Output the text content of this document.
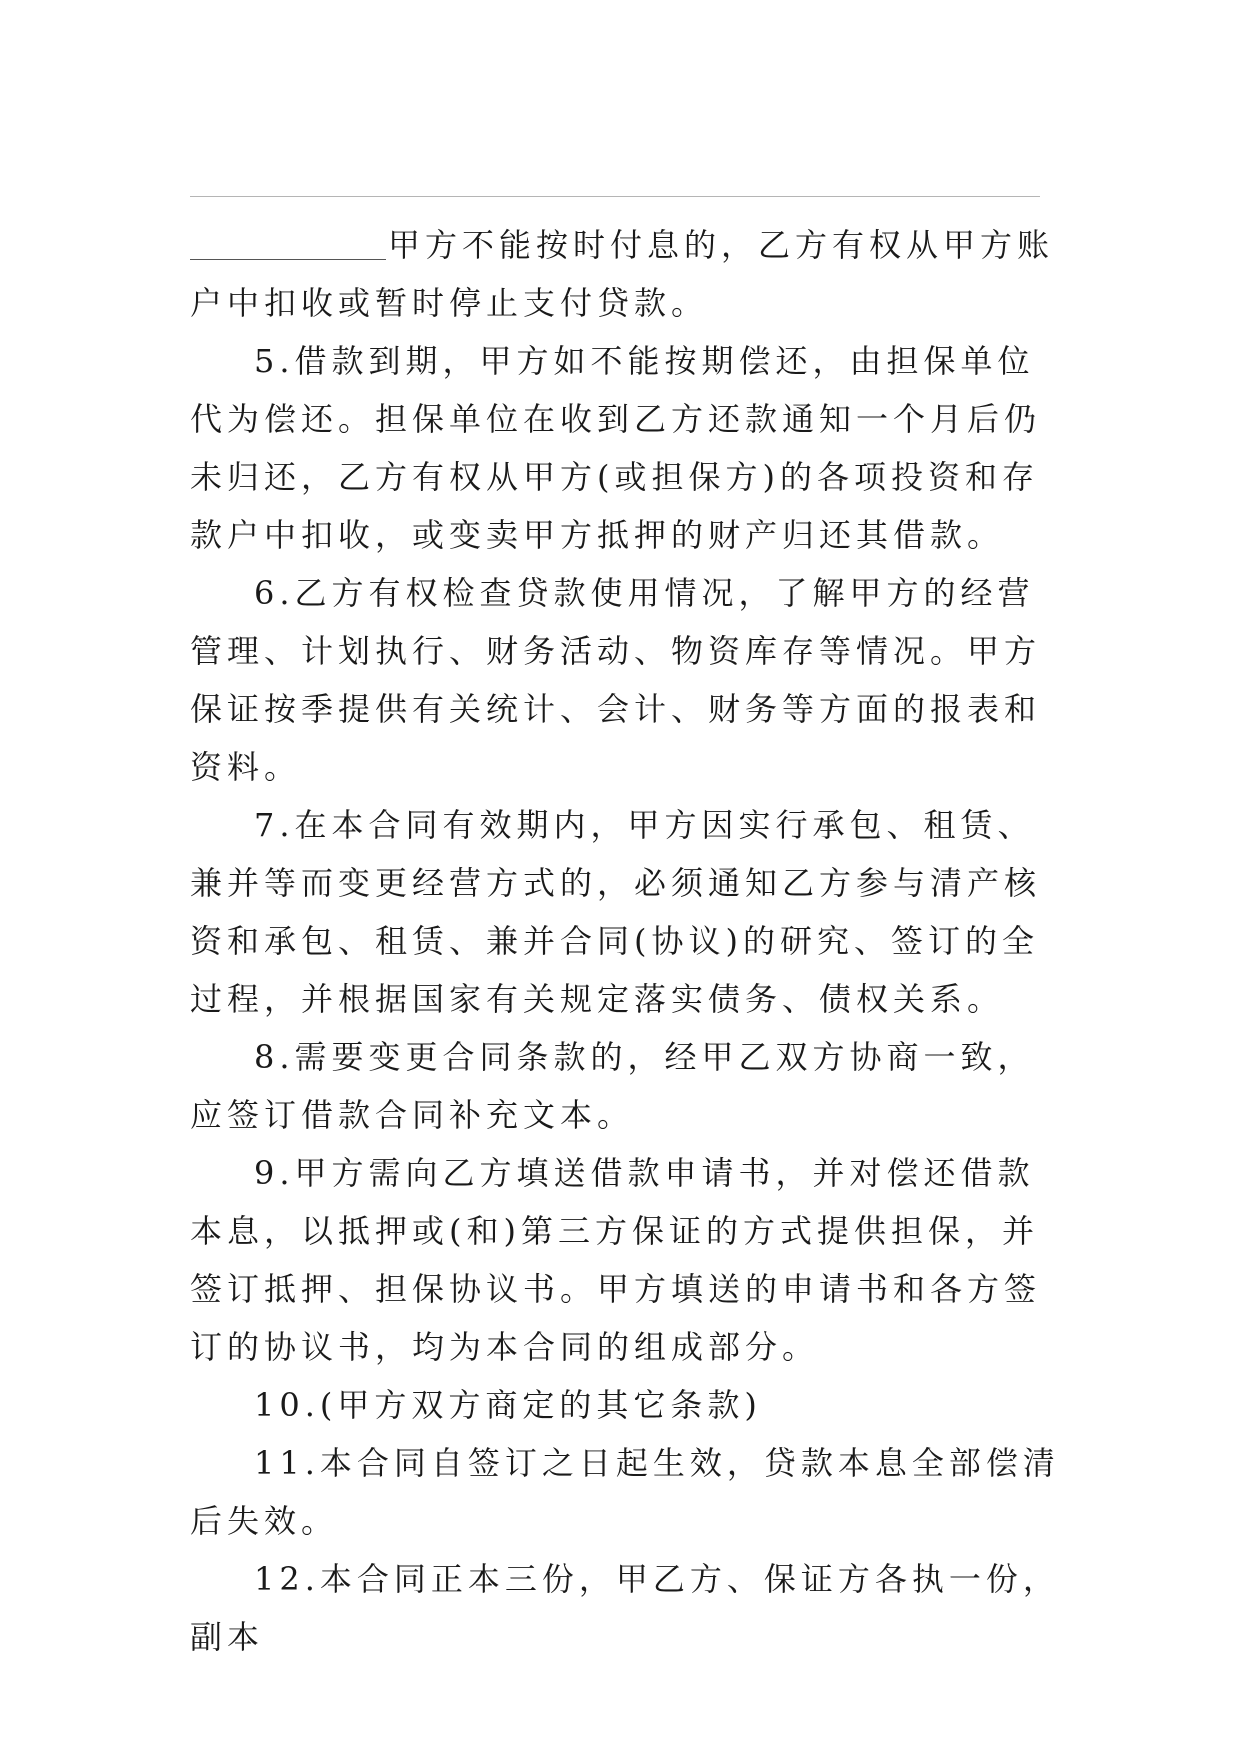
甲方不能按时付息的，乙方有权从甲方账户中扣收或暂时停止支付贷款。

5.借款到期，甲方如不能按期偿还，由担保单位代为偿还。担保单位在收到乙方还款通知一个月后仍未归还，乙方有权从甲方(或担保方)的各项投资和存款户中扣收，或变卖甲方抵押的财产归还其借款。

6.乙方有权检查贷款使用情况，了解甲方的经营管理、计划执行、财务活动、物资库存等情况。甲方保证按季提供有关统计、会计、财务等方面的报表和资料。

7.在本合同有效期内，甲方因实行承包、租赁、兼并等而变更经营方式的，必须通知乙方参与清产核资和承包、租赁、兼并合同(协议)的研究、签订的全过程，并根据国家有关规定落实债务、债权关系。

8.需要变更合同条款的，经甲乙双方协商一致，应签订借款合同补充文本。

9.甲方需向乙方填送借款申请书，并对偿还借款本息，以抵押或(和)第三方保证的方式提供担保，并签订抵押、担保协议书。甲方填送的申请书和各方签订的协议书，均为本合同的组成部分。

10.(甲方双方商定的其它条款)

11.本合同自签订之日起生效，贷款本息全部偿清后失效。

12.本合同正本三份，甲乙方、保证方各执一份，副本
